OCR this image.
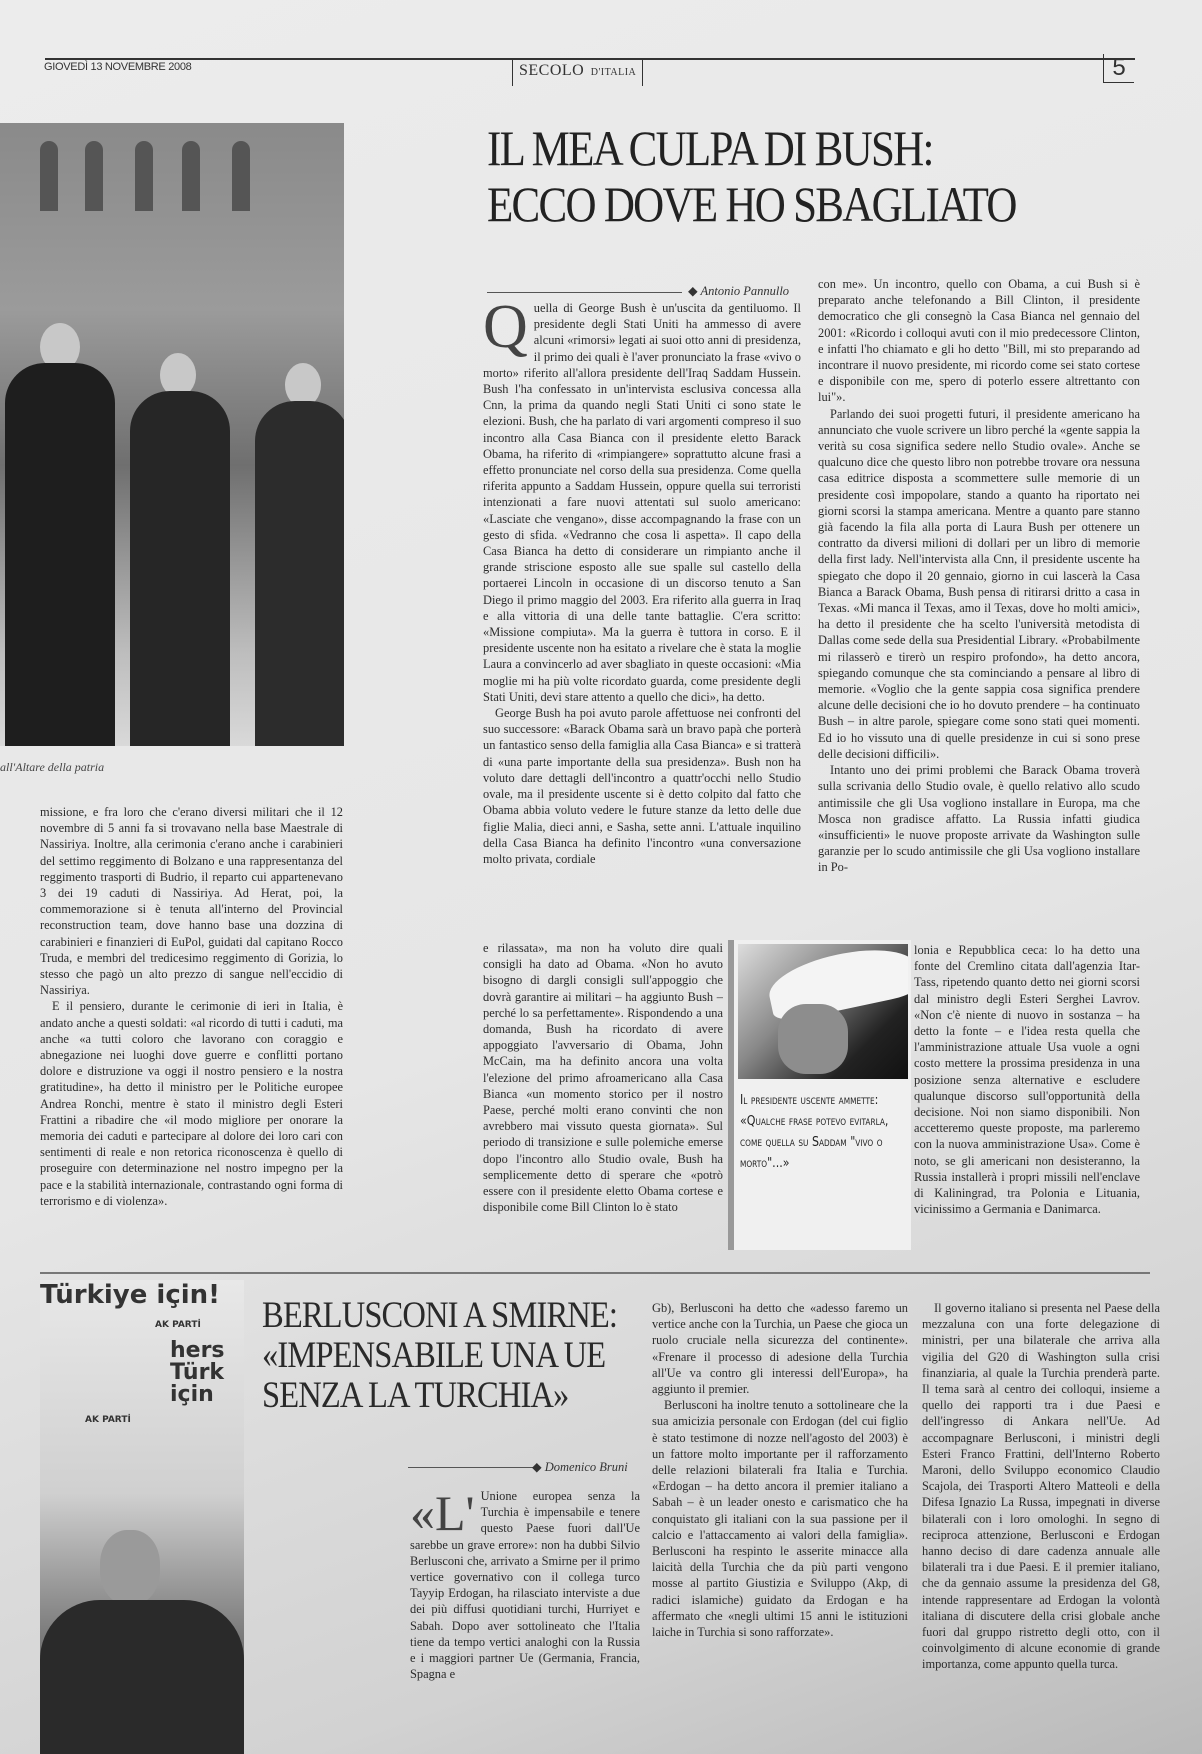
GIOVEDÌ 13 NOVEMBRE 2008	SECOLO D'ITALIA	5
all'Altare della patria

missione, e fra loro che c'erano diversi militari che il 12 novembre di 5 anni fa si trovavano nella base Maestrale di Nassiriya. Inoltre, alla cerimonia c'erano anche i carabinieri del settimo reggimento di Bolzano e una rappresentanza del reggimento trasporti di Budrio, il reparto cui appartenevano 3 dei 19 caduti di Nassiriya. Ad Herat, poi, la commemorazione si è tenuta all'interno del Provincial reconstruction team, dove hanno base una dozzina di carabinieri e finanzieri di EuPol, guidati dal capitano Rocco Truda, e membri del tredicesimo reggimento di Gorizia, lo stesso che pagò un alto prezzo di sangue nell'eccidio di Nassiriya.

E il pensiero, durante le cerimonie di ieri in Italia, è andato anche a questi soldati: «al ricordo di tutti i caduti, ma anche «a tutti coloro che lavorano con coraggio e abnegazione nei luoghi dove guerre e conflitti portano dolore e distruzione va oggi il nostro pensiero e la nostra gratitudine», ha detto il ministro per le Politiche europee Andrea Ronchi, mentre è stato il ministro degli Esteri Frattini a ribadire che «il modo migliore per onorare la memoria dei caduti e partecipare al dolore dei loro cari con sentimenti di reale e non retorica riconoscenza è quello di proseguire con determinazione nel nostro impegno per la pace e la stabilità internazionale, contrastando ogni forma di terrorismo e di violenza».

IL MEA CULPA DI BUSH:
ECCO DOVE HO SBAGLIATO
◆ Antonio Pannullo
Q uella di George Bush è un'uscita da gentiluomo. Il presidente degli Stati Uniti ha ammesso di avere alcuni «rimorsi» legati ai suoi otto anni di presidenza, il primo dei quali è l'aver pronunciato la frase «vivo o morto» riferito all'allora presidente dell'Iraq Saddam Hussein. Bush l'ha confessato in un'intervista esclusiva concessa alla Cnn, la prima da quando negli Stati Uniti ci sono state le elezioni. Bush, che ha parlato di vari argomenti compreso il suo incontro alla Casa Bianca con il presidente eletto Barack Obama, ha riferito di «rimpiangere» soprattutto alcune frasi a effetto pronunciate nel corso della sua presidenza. Come quella riferita appunto a Saddam Hussein, oppure quella sui terroristi intenzionati a fare nuovi attentati sul suolo americano: «Lasciate che vengano», disse accompagnando la frase con un gesto di sfida. «Vedranno che cosa li aspetta». Il capo della Casa Bianca ha detto di considerare un rimpianto anche il grande striscione esposto alle sue spalle sul castello della portaerei Lincoln in occasione di un discorso tenuto a San Diego il primo maggio del 2003. Era riferito alla guerra in Iraq e alla vittoria di una delle tante battaglie. C'era scritto: «Missione compiuta». Ma la guerra è tuttora in corso. E il presidente uscente non ha esitato a rivelare che è stata la moglie Laura a convincerlo ad aver sbagliato in queste occasioni: «Mia moglie mi ha più volte ricordato guarda, come presidente degli Stati Uniti, devi stare attento a quello che dici», ha detto.

George Bush ha poi avuto parole affettuose nei confronti del suo successore: «Barack Obama sarà un bravo papà che porterà un fantastico senso della famiglia alla Casa Bianca» e si tratterà di «una parte importante della sua presidenza». Bush non ha voluto dare dettagli dell'incontro a quattr'occhi nello Studio ovale, ma il presidente uscente si è detto colpito dal fatto che Obama abbia voluto vedere le future stanze da letto delle due figlie Malia, dieci anni, e Sasha, sette anni. L'attuale inquilino della Casa Bianca ha definito l'incontro «una conversazione molto privata, cordiale

e rilassata», ma non ha voluto dire quali consigli ha dato ad Obama. «Non ho avuto bisogno di dargli consigli sull'appoggio che dovrà garantire ai militari – ha aggiunto Bush – perché lo sa perfettamente». Rispondendo a una domanda, Bush ha ricordato di avere appoggiato l'avversario di Obama, John McCain, ma ha definito ancora una volta l'elezione del primo afroamericano alla Casa Bianca «un momento storico per il nostro Paese, perché molti erano convinti che non avrebbero mai vissuto questa giornata». Sul periodo di transizione e sulle polemiche emerse dopo l'incontro allo Studio ovale, Bush ha semplicemente detto di sperare che «potrò essere con il presidente eletto Obama cortese e disponibile come Bill Clinton lo è stato

con me». Un incontro, quello con Obama, a cui Bush si è preparato anche telefonando a Bill Clinton, il presidente democratico che gli consegnò la Casa Bianca nel gennaio del 2001: «Ricordo i colloqui avuti con il mio predecessore Clinton, e infatti l'ho chiamato e gli ho detto "Bill, mi sto preparando ad incontrare il nuovo presidente, mi ricordo come sei stato cortese e disponibile con me, spero di poterlo essere altrettanto con lui"».

Parlando dei suoi progetti futuri, il presidente americano ha annunciato che vuole scrivere un libro perché la «gente sappia la verità su cosa significa sedere nello Studio ovale». Anche se qualcuno dice che questo libro non potrebbe trovare ora nessuna casa editrice disposta a scommettere sulle memorie di un presidente così impopolare, stando a quanto ha riportato nei giorni scorsi la stampa americana. Mentre a quanto pare stanno già facendo la fila alla porta di Laura Bush per ottenere un contratto da diversi milioni di dollari per un libro di memorie della first lady. Nell'intervista alla Cnn, il presidente uscente ha spiegato che dopo il 20 gennaio, giorno in cui lascerà la Casa Bianca a Barack Obama, Bush pensa di ritirarsi dritto a casa in Texas. «Mi manca il Texas, amo il Texas, dove ho molti amici», ha detto il presidente che ha scelto l'università metodista di Dallas come sede della sua Presidential Library. «Probabilmente mi rilasserò e tirerò un respiro profondo», ha detto ancora, spiegando comunque che sta cominciando a pensare al libro di memorie. «Voglio che la gente sappia cosa significa prendere alcune delle decisioni che io ho dovuto prendere – ha continuato Bush – in altre parole, spiegare come sono stati quei momenti. Ed io ho vissuto una di quelle presidenze in cui si sono prese delle decisioni difficili».

Intanto uno dei primi problemi che Barack Obama troverà sulla scrivania dello Studio ovale, è quello relativo allo scudo antimissile che gli Usa vogliono installare in Europa, ma che Mosca non gradisce affatto. La Russia infatti giudica «insufficienti» le nuove proposte arrivate da Washington sulle garanzie per lo scudo antimissile che gli Usa vogliono installare in Po-

lonia e Repubblica ceca: lo ha detto una fonte del Cremlino citata dall'agenzia Itar-Tass, ripetendo quanto detto nei giorni scorsi dal ministro degli Esteri Serghei Lavrov. «Non c'è niente di nuovo in sostanza – ha detto la fonte – e l'idea resta quella che l'amministrazione attuale Usa vuole a ogni costo mettere la prossima presidenza in una posizione senza alternative e escludere qualunque discorso sull'opportunità della decisione. Noi non siamo disponibili. Non accetteremo queste proposte, ma parleremo con la nuova amministrazione Usa». Come è noto, se gli americani non desisteranno, la Russia installerà i propri missili nell'enclave di Kaliningrad, tra Polonia e Lituania, vicinissimo a Germania e Danimarca.

Il presidente uscente ammette: «Qualche frase potevo evitarla, come quella su Saddam "vivo o morto"...»
Türkiye için!
AK PARTİ
hers Türk için
AK PARTİ
BERLUSCONI A SMIRNE:
«IMPENSABILE UNA UE
SENZA LA TURCHIA»
◆ Domenico Bruni
«L' Unione europea senza la Turchia è impensabile e tenere questo Paese fuori dall'Ue sarebbe un grave errore»: non ha dubbi Silvio Berlusconi che, arrivato a Smirne per il primo vertice governativo con il collega turco Tayyip Erdogan, ha rilasciato interviste a due dei più diffusi quotidiani turchi, Hurriyet e Sabah. Dopo aver sottolineato che l'Italia tiene da tempo vertici analoghi con la Russia e i maggiori partner Ue (Germania, Francia, Spagna e

Gb), Berlusconi ha detto che «adesso faremo un vertice anche con la Turchia, un Paese che gioca un ruolo cruciale nella sicurezza del continente». «Frenare il processo di adesione della Turchia all'Ue va contro gli interessi dell'Europa», ha aggiunto il premier.

Berlusconi ha inoltre tenuto a sottolineare che la sua amicizia personale con Erdogan (del cui figlio è stato testimone di nozze nell'agosto del 2003) è un fattore molto importante per il rafforzamento delle relazioni bilaterali fra Italia e Turchia. «Erdogan – ha detto ancora il premier italiano a Sabah – è un leader onesto e carismatico che ha conquistato gli italiani con la sua passione per il calcio e l'attaccamento ai valori della famiglia». Berlusconi ha respinto le asserite minacce alla laicità della Turchia che da più parti vengono mosse al partito Giustizia e Sviluppo (Akp, di radici islamiche) guidato da Erdogan e ha affermato che «negli ultimi 15 anni le istituzioni laiche in Turchia si sono rafforzate».

Il governo italiano si presenta nel Paese della mezzaluna con una forte delegazione di ministri, per una bilaterale che arriva alla vigilia del G20 di Washington sulla crisi finanziaria, al quale la Turchia prenderà parte. Il tema sarà al centro dei colloqui, insieme a quello dei rapporti tra i due Paesi e dell'ingresso di Ankara nell'Ue. Ad accompagnare Berlusconi, i ministri degli Esteri Franco Frattini, dell'Interno Roberto Maroni, dello Sviluppo economico Claudio Scajola, dei Trasporti Altero Matteoli e della Difesa Ignazio La Russa, impegnati in diverse bilaterali con i loro omologhi. In segno di reciproca attenzione, Berlusconi e Erdogan hanno deciso di dare cadenza annuale alle bilaterali tra i due Paesi. E il premier italiano, che da gennaio assume la presidenza del G8, intende rappresentare ad Erdogan la volontà italiana di discutere della crisi globale anche fuori dal gruppo ristretto degli otto, con il coinvolgimento di alcune economie di grande importanza, come appunto quella turca.
